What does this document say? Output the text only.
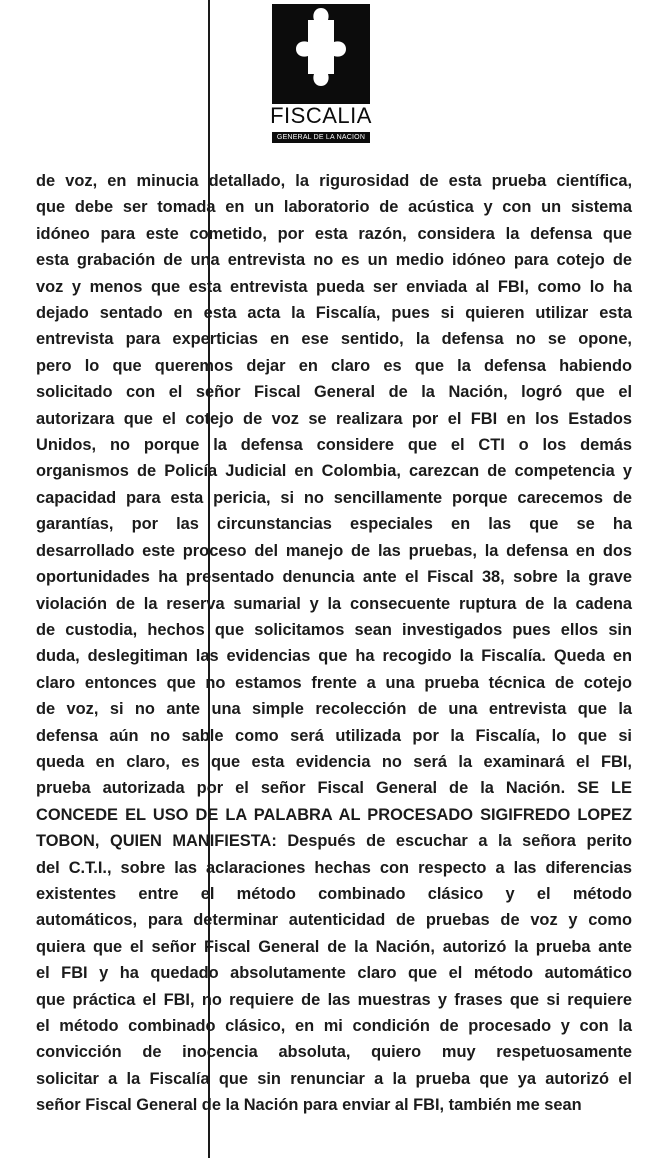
FISCALIA
GENERAL DE LA NACION
de voz, en minucia detallado, la rigurosidad de esta prueba científica,
que debe ser tomada en un laboratorio de acústica y con un sistema
idóneo para este cometido, por esta razón, considera la defensa que
esta grabación de una entrevista no es un medio idóneo para cotejo de
voz y menos que esta entrevista pueda ser enviada al FBI, como lo ha
dejado sentado en esta acta la Fiscalía, pues si quieren utilizar esta
entrevista para experticias en ese sentido, la defensa no se opone,
pero lo que queremos dejar en claro es que la defensa habiendo
solicitado con el señor Fiscal General de la Nación, logró que el
autorizara que el cotejo de voz se realizara por el FBI en los Estados
Unidos, no porque la defensa considere que el CTI o los demás
organismos de Policía Judicial en Colombia, carezcan de competencia y
capacidad para esta pericia, si no sencillamente porque carecemos de
garantías, por las circunstancias especiales en las que se ha
desarrollado este proceso del manejo de las pruebas, la defensa en dos
oportunidades ha presentado denuncia ante el Fiscal 38, sobre la grave
violación de la reserva sumarial y la consecuente ruptura de la cadena
de custodia, hechos que solicitamos sean investigados pues ellos sin
duda, deslegitiman las evidencias que ha recogido la Fiscalía. Queda en
claro entonces que no estamos frente a una prueba técnica de cotejo
de voz, si no ante una simple recolección de una entrevista que la
defensa aún no sable como será utilizada por la Fiscalía, lo que si
queda en claro, es que esta evidencia no será la examinará el FBI,
prueba autorizada por el señor Fiscal General de la Nación. SE LE
CONCEDE EL USO DE LA PALABRA AL PROCESADO SIGIFREDO LOPEZ
TOBON, QUIEN MANIFIESTA: Después de escuchar a la señora perito
del C.T.I., sobre las aclaraciones hechas con respecto a las diferencias
existentes entre el método combinado clásico y el método
automáticos, para determinar autenticidad de pruebas de voz y como
quiera que el señor Fiscal General de la Nación, autorizó la prueba ante
el FBI y ha quedado absolutamente claro que el método automático
que práctica el FBI, no requiere de las muestras y frases que si requiere
el método combinado clásico, en mi condición de procesado y con la
convicción de inocencia absoluta, quiero muy respetuosamente
solicitar a la Fiscalía que sin renunciar a la prueba que ya autorizó el
señor Fiscal General de la Nación para enviar al FBI, también me sean
